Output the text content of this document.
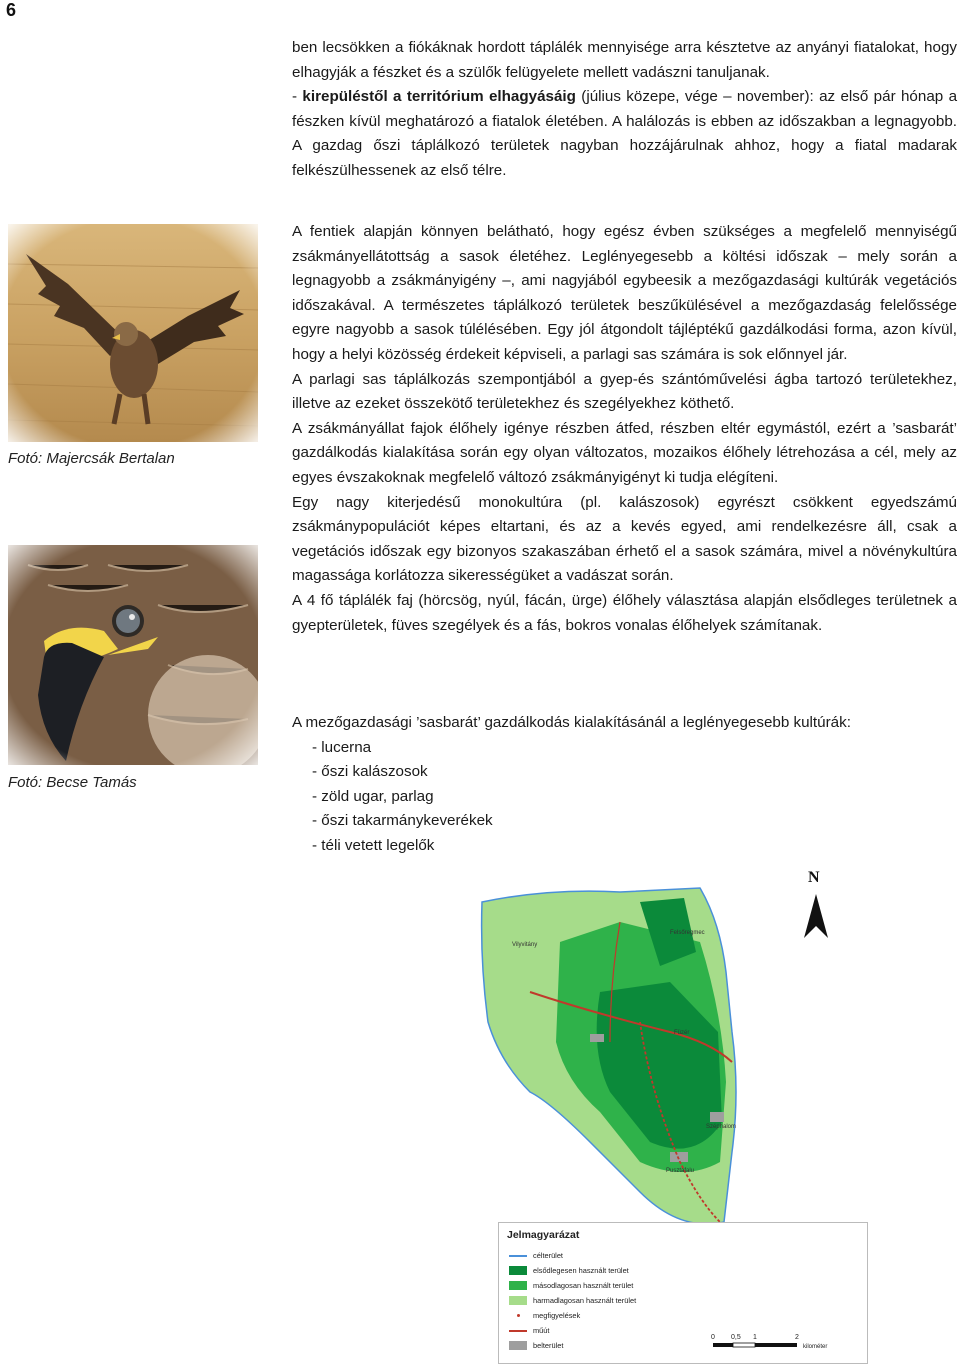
6

ben lecsökken a fiókáknak hordott táplálék mennyisége arra késztetve az anyányi fiatalokat, hogy elhagyják a fészket és a szülők felügyelete mellett vadászni tanuljanak.

- kirepüléstől a territórium elhagyásáig (július közepe, vége – november): az első pár hónap a fészken kívül meghatározó a fiatalok életében. A halálozás is ebben az időszakban a legnagyobb. A gazdag őszi táplálkozó területek nagyban hozzájárulnak ahhoz, hogy a fiatal madarak felkészülhessenek az első télre.

Fotó: Majercsák Bertalan
Fotó: Becse Tamás

A fentiek alapján könnyen belátható, hogy egész évben szükséges a megfelelő mennyiségű zsákmányellátottság a sasok életéhez. Leglényegesebb a költési időszak – mely során a legnagyobb a zsákmányigény –, ami nagyjából egybeesik a mezőgazdasági kultúrák vegetációs időszakával. A természetes táplálkozó területek beszűkülésével a mezőgazdaság felelőssége egyre nagyobb a sasok túlélésében. Egy jól átgondolt tájléptékű gazdálkodási forma, azon kívül, hogy a helyi közösség érdekeit képviseli, a parlagi sas számára is sok előnnyel jár.

A parlagi sas táplálkozás szempontjából a gyep-és szántóművelési ágba tartozó területekhez, illetve az ezeket összekötő területekhez és szegélyekhez köthető.

A zsákmányállat fajok élőhely igénye részben átfed, részben eltér egymástól, ezért a ’sasbarát’ gazdálkodás kialakítása során egy olyan változatos, mozaikos élőhely létrehozása a cél, mely az egyes évszakoknak megfelelő változó zsákmányigényt ki tudja elégíteni.

Egy nagy kiterjedésű monokultúra (pl. kalászosok) egyrészt csökkent egyedszámú zsákmánypopulációt képes eltartani, és az a kevés egyed, ami rendelkezésre áll, csak a vegetációs időszak egy bizonyos szakaszában érhető el a sasok számára, mivel a növénykultúra magassága korlátozza sikerességüket a vadászat során.

A 4 fő táplálék faj (hörcsög, nyúl, fácán, ürge) élőhely választása alapján elsődleges területnek a gyepterületek, füves szegélyek és a fás, bokros vonalas élőhelyek számítanak.

A mezőgazdasági ’sasbarát’ gazdálkodás kialakításánál a leglényegesebb kultúrák:

- lucerna
- őszi kalászosok
- zöld ugar, parlag
- őszi takarmánykeverékek
- téli vetett legelők
Vilyvitány
Felsőregmec
Pusztafalu
Füzér
Széphalom
N
Jelmagyarázat
célterület
elsődlegesen használt terület
másodlagosan használt terület
harmadlagosan használt terület
megfigyelések
műút
belterület
0 0,5 1	2
kilométer
